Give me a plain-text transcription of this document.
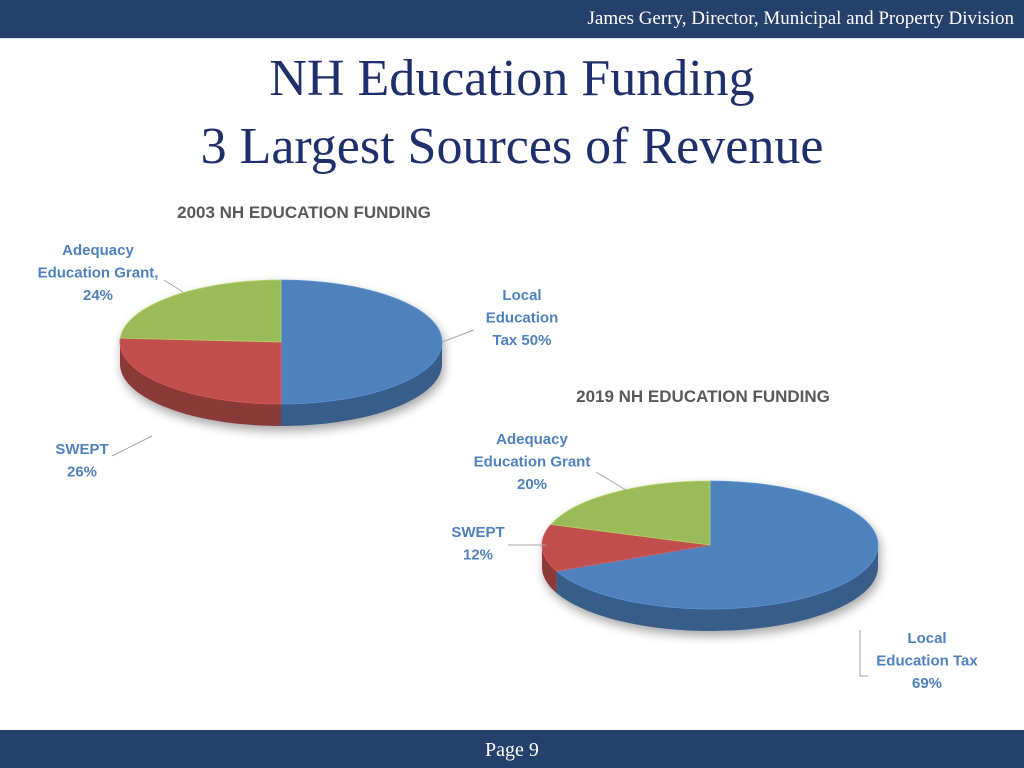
James Gerry, Director, Municipal and Property Division
NH Education Funding
3 Largest Sources of Revenue
2003 NH EDUCATION FUNDING
Local Education Tax 50%
SWEPT 26%
Adequacy Education Grant, 24%
2019 NH EDUCATION FUNDING
Local Education Tax 69%
SWEPT 12%
Adequacy Education Grant 20%
Page 9
